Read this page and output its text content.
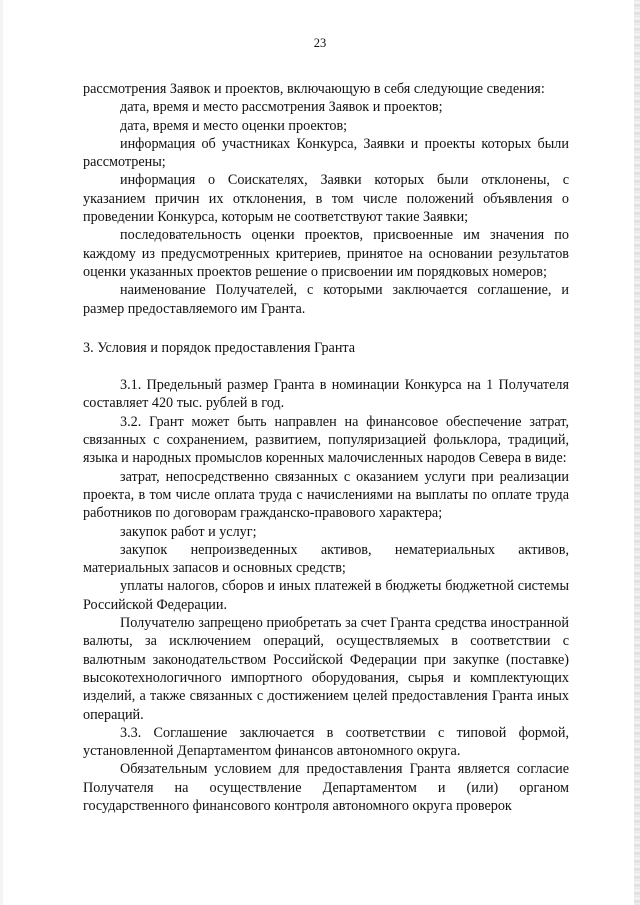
23

рассмотрения Заявок и проектов, включающую в себя следующие сведения:

дата, время и место рассмотрения Заявок и проектов;

дата, время и место оценки проектов;

информация об участниках Конкурса, Заявки и проекты которых были рассмотрены;

информация о Соискателях, Заявки которых были отклонены, с указанием причин их отклонения, в том числе положений объявления о проведении Конкурса, которым не соответствуют такие Заявки;

последовательность оценки проектов, присвоенные им значения по каждому из предусмотренных критериев, принятое на основании результатов оценки указанных проектов решение о присвоении им порядковых номеров;

наименование Получателей, с которыми заключается соглашение, и размер предоставляемого им Гранта.

3. Условия и порядок предоставления Гранта

3.1. Предельный размер Гранта в номинации Конкурса на 1 Получателя составляет 420 тыс. рублей в год.

3.2. Грант может быть направлен на финансовое обеспечение затрат, связанных с сохранением, развитием, популяризацией фольклора, традиций, языка и народных промыслов коренных малочисленных народов Севера в виде:

затрат, непосредственно связанных с оказанием услуги при реализации проекта, в том числе оплата труда с начислениями на выплаты по оплате труда работников по договорам гражданско-правового характера;

закупок работ и услуг;

закупок непроизведенных активов, нематериальных активов, материальных запасов и основных средств;

уплаты налогов, сборов и иных платежей в бюджеты бюджетной системы Российской Федерации.

Получателю запрещено приобретать за счет Гранта средства иностранной валюты, за исключением операций, осуществляемых в соответствии с валютным законодательством Российской Федерации при закупке (поставке) высокотехнологичного импортного оборудования, сырья и комплектующих изделий, а также связанных с достижением целей предоставления Гранта иных операций.

3.3. Соглашение заключается в соответствии с типовой формой, установленной Департаментом финансов автономного округа.

Обязательным условием для предоставления Гранта является согласие Получателя на осуществление Департаментом и (или) органом государственного финансового контроля автономного округа проверок
